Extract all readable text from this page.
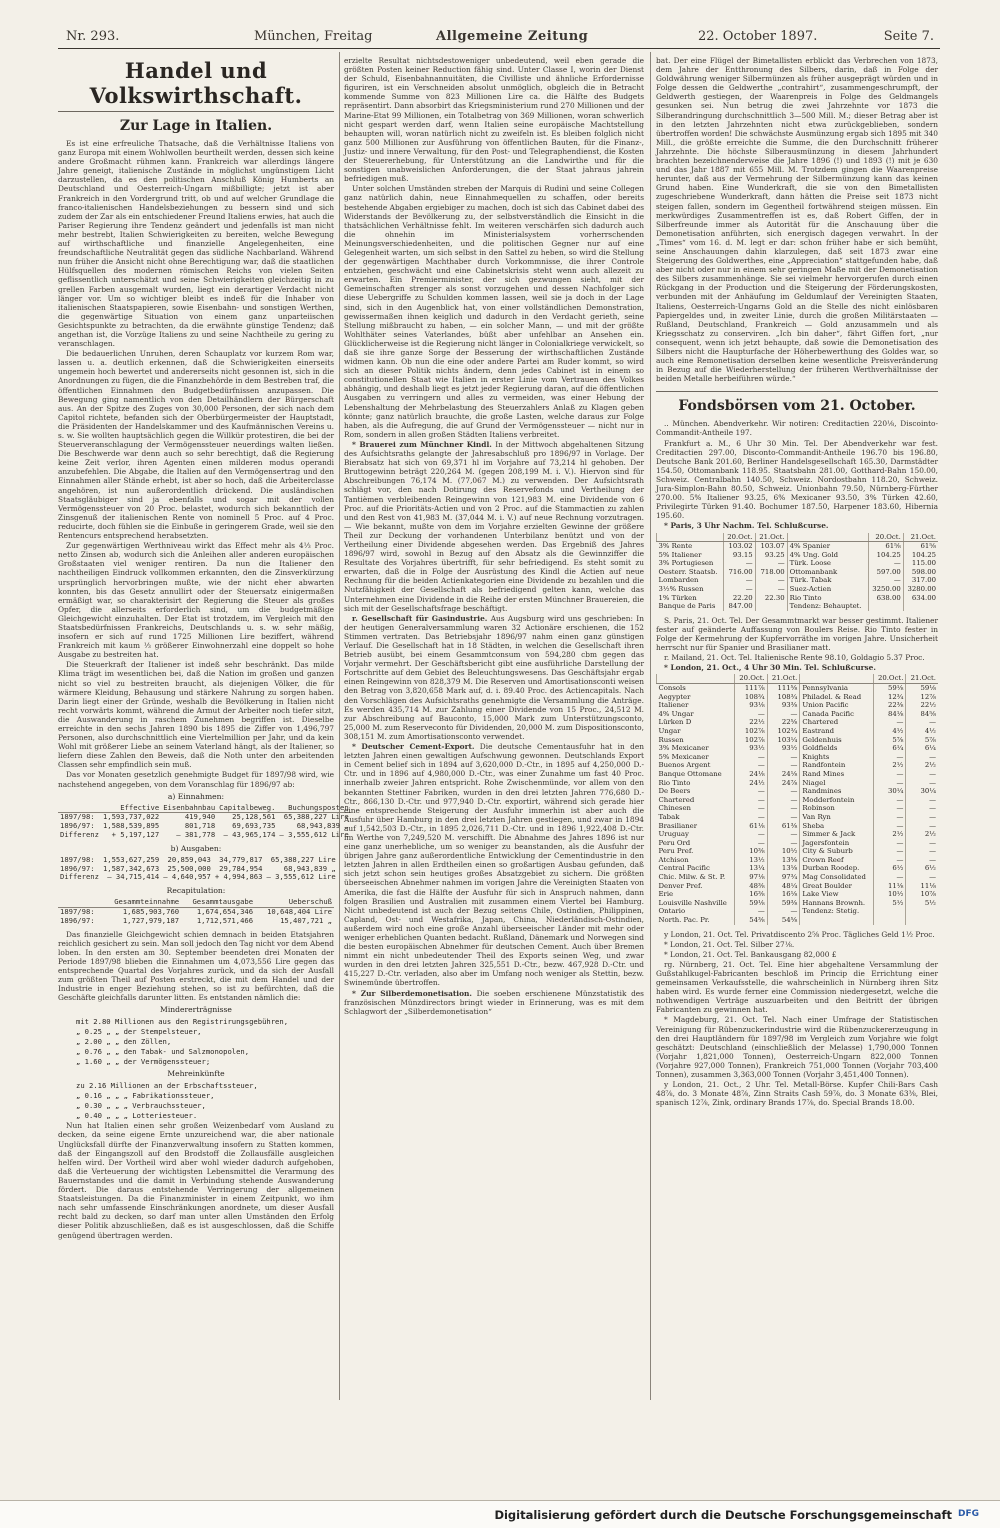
Nr. 293.	München, Freitag	Allgemeine Zeitung	22. October 1897.	Seite 7.
Handel und Volkswirthschaft.
Zur Lage in Italien.

Es ist eine erfreuliche Thatsache, daß die Verhältnisse Italiens von ganz Europa mit einem Wohlwollen beurtheilt werden, dessen sich keine andere Großmacht rühmen kann. Frankreich war allerdings längere Jahre geneigt, italienische Zustände in möglichst ungünstigem Licht darzustellen, da es den politischen Anschluß König Humberts an Deutschland und Oesterreich-Ungarn mißbilligte; jetzt ist aber Frankreich in den Vordergrund tritt, ob und auf welcher Grundlage die franco-italienischen Handelsbeziehungen zu bessern sind und sich zudem der Zar als ein entschiedener Freund Italiens erwies, hat auch die Pariser Regierung ihre Tendenz geändert und jedenfalls ist man nicht mehr bestrebt, Italien Schwierigkeiten zu bereiten, welche Bewegung auf wirthschaftliche und finanzielle Angelegenheiten, eine freundschaftliche Neutralität gegen das südliche Nachbarland. Während nun früher die Ansicht nicht ohne Berechtigung war, daß die staatlichen Hülfsquellen des modernen römischen Reichs von vielen Seiten geflissentlich unterschätzt und seine Schwierigkeiten gleichzeitig in zu grellen Farben ausgemalt wurden, liegt ein derartiger Verdacht nicht länger vor. Um so wichtiger bleibt es indeß für die Inhaber von italienischen Staatspapieren, sowie Eisenbahn- und sonstigen Werthen, die gegenwärtige Situation von einem ganz unparteiischen Gesichtspunkte zu betrachten, da die erwähnte günstige Tendenz; daß angethan ist, die Vorzüge Italiens zu und seine Nachtheile zu gering zu veranschlagen.

Die bedauerlichen Unruhen, deren Schauplatz vor kurzem Rom war, lassen u. a. deutlich erkennen, daß die Schwierigkeiten einerseits ungemein hoch bewertet und andererseits nicht gesonnen ist, sich in die Anordnungen zu fügen, die die Finanzbehörde in dem Bestreben traf, die öffentlichen Einnahmen den Budgetbedürfnissen anzupassen. Die Bewegung ging namentlich von den Detailhändlern der Bürgerschaft aus. An der Spitze des Zuges von 30,000 Personen, der sich nach dem Capitol richtete, befanden sich der Oberbürgermeister der Hauptstadt, die Präsidenten der Handelskammer und des Kaufmännischen Vereins u. s. w. Sie wollten hauptsächlich gegen die Willkür protestiren, die bei der Steuerveranschlagung der Vermögenssteuer neuerdings walten ließen. Die Beschwerde war denn auch so sehr berechtigt, daß die Regierung keine Zeit verlor, ihren Agenten einen milderen modus operandi anzubefehlen. Die Abgabe, die Italien auf den Vermögensertrag und den Einnahmen aller Stände erhebt, ist aber so hoch, daß die Arbeiterclasse angehören, ist nun außerordentlich drückend. Die ausländischen Staatsgläubiger sind ja ebenfalls und sogar mit der vollen Vermögenssteuer von 20 Proc. belastet, wodurch sich bekanntlich der Zinsgenuß der italienischen Rente von nominell 5 Proc. auf 4 Proc. reducirte, doch fühlen sie die Einbuße in geringerem Grade, weil sie den Rentencurs entsprechend herabsetzten.

Zur gegenwärtigen Werthniveau wirkt das Effect mehr als 4⅓ Proc. netto Zinsen ab, wodurch sich die Anleihen aller anderen europäischen Großstaaten viel weniger rentiren. Da nun die Italiener den nachtheiligen Eindruck vollkommen erkannten, den die Zinsverkürzung ursprünglich hervorbringen mußte, wie der nicht eher abwarten konnten, bis das Gesetz annullirt oder der Steuersatz einigermaßen ermäßigt war, so charakterisirt der Regierung die Steuer als großes Opfer, die allerseits erforderlich sind, um die budgetmäßige Gleichgewicht einzuhalten. Der Etat ist trotzdem, im Vergleich mit den Staatsbedürfnissen Frankreichs, Deutschlands u. s. w. sehr mäßig, insofern er sich auf rund 1725 Millionen Lire beziffert, während Frankreich mit kaum ⅓ größerer Einwohnerzahl eine doppelt so hohe Ausgabe zu bestreiten hat.

Die Steuerkraft der Italiener ist indeß sehr beschränkt. Das milde Klima trägt im wesentlichen bei, daß die Nation im großen und ganzen nicht so viel zu bestreiten braucht, als diejenigen Völker, die für wärmere Kleidung, Behausung und stärkere Nahrung zu sorgen haben. Darin liegt einer der Gründe, weshalb die Bevölkerung in Italien nicht recht vorwärts kommt, während die Armut der Arbeiter noch tiefer sitzt, die Auswanderung in raschem Zunehmen begriffen ist. Dieselbe erreichte in den sechs Jahren 1890 bis 1895 die Ziffer von 1,496,797 Personen, also durchschnittlich eine Viertelmillion per Jahr, und da kein Wohl mit größerer Liebe an seinem Vaterland hängt, als der Italiener, so liefern diese Zahlen den Beweis, daß die Noth unter den arbeitenden Classen sehr empfindlich sein muß.

Das vor Monaten gesetzlich genehmigte Budget für 1897/98 wird, wie nachstehend angegeben, von dem Voranschlag für 1896/97 ab:

a) Einnahmen:
	Effective	Eisenbahnbau	Capitalbeweg.	Buchungsposten
1897/98:	1,593,737,022	419,940	25,128,561	65,388,227 Lire
1896/97:	1,588,539,895	801,718	69,693,735	68,943,839 „
Differenz	+ 5,197,127	— 381,778	— 43,965,174	— 3,555,612 Lire
b) Ausgaben:
1897/98:	1,553,627,259	20,859,043	34,779,817	65,388,227 Lire
1896/97:	1,587,342,673	25,500,000	29,784,954	68,943,839 „
Differenz	— 34,715,414	— 4,640,957	+ 4,994,863	— 3,555,612 Lire
Recapitulation:
	Gesammteinnahme	Gesammtausgabe	Ueberschuß
1897/98:	1,685,903,760	1,674,654,346	10,648,404 Lire
1896/97:	1,727,979,187	1,712,571,466	15,407,721 „

Das finanzielle Gleichgewicht schien demnach in beiden Etatsjahren reichlich gesichert zu sein. Man soll jedoch den Tag nicht vor dem Abend loben. In den ersten am 30. September beendeten drei Monaten der Periode 1897/98 blieben die Einnahmen um 4,073,556 Lire gegen das entsprechende Quartal des Vorjahres zurück, und da sich der Ausfall zum größten Theil auf Posten erstreckt, die mit dem Handel und der Industrie in enger Beziehung stehen, so ist zu befürchten, daß die Geschäfte gleichfalls darunter litten. Es entstanden nämlich die:

Mindererträgnisse
mit 2.80 Millionen aus den Registrirungsgebühren,
„ 0.25 „ „ der Stempelsteuer,
„ 2.00 „ „ den Zöllen,
„ 0.76 „ „ den Tabak- und Salzmonopolen,
„ 1.60 „ „ der Vermögenssteuer;
Mehreinkünfte
zu 2.16 Millionen an der Erbschaftssteuer,
„ 0.16 „ „ „ Fabrikationssteuer,
„ 0.30 „ „ „ Verbrauchssteuer,
„ 0.40 „ „ „ Lotteriesteuer.

Nun hat Italien einen sehr großen Weizenbedarf vom Ausland zu decken, da seine eigene Ernte unzureichend war, die aber nationale Unglücksfall dürfte der Finanzverwaltung insofern zu Statten kommen, daß der Eingangszoll auf den Brodstoff die Zollausfälle ausgleichen helfen wird. Der Vortheil wird aber wohl wieder dadurch aufgehoben, daß die Verteuerung der wichtigsten Lebensmittel die Verarmung des Bauernstandes und die damit in Verbindung stehende Auswanderung fördert. Die daraus entstehende Verringerung der allgemeinen Staatsleistungen. Da die Finanzminister in einem Zeitpunkt, wo ihm nach sehr umfassende Einschränkungen anordnete, um dieser Ausfall recht bald zu decken, so darf man unter allen Umständen den Erfolg dieser Politik abzuschließen, daß es ist ausgeschlossen, daß die Schiffe genügend übertragen werden.

erzielte Resultat nichtsdestoweniger unbedeutend, weil eben gerade die größten Posten keiner Reduction fähig sind. Unter Classe I, worin der Dienst der Schuld, Eisenbahnannuitäten, die Civilliste und ähnliche Erfordernisse figuriren, ist ein Verschneiden absolut unmöglich, obgleich die in Betracht kommende Summe von 823 Millionen Lire ca. die Hälfte des Budgets repräsentirt. Dann absorbirt das Kriegsministerium rund 270 Millionen und der Marine-Etat 99 Millionen, ein Totalbetrag von 369 Millionen, woran schwerlich nicht gespart werden darf, wenn Italien seine europäische Machtstellung behaupten will, woran natürlich nicht zu zweifeln ist. Es bleiben folglich nicht ganz 500 Millionen zur Ausführung von öffentlichen Bauten, für die Finanz-, Justiz- und innere Verwaltung, für den Post- und Telegraphendienst, die Kosten der Steuererhebung, für Unterstützung an die Landwirthe und für die sonstigen unabweislichen Anforderungen, die der Staat jahraus jahrein befriedigen muß.

Unter solchen Umständen streben der Marquis di Rudinì und seine Collegen ganz natürlich dahin, neue Einnahmequellen zu schaffen, oder bereits bestehende Abgaben ergiebiger zu machen, doch ist sich das Cabinet dabei des Widerstands der Bevölkerung zu, der selbstverständlich die Einsicht in die thatsächlichen Verhältnisse fehlt. Im weiteren verschärfen sich dadurch auch die ohnehin im Ministerialsystem vorherrschenden Meinungsverschiedenheiten, und die politischen Gegner nur auf eine Gelegenheit warten, um sich selbst in den Sattel zu heben, so wird die Stellung der gegenwärtigen Machthaber durch Vorkommnisse, die ihrer Controle entziehen, geschwächt und eine Cabinetskrisis steht wenn auch allezeit zu erwarten. Ein Premierminister, der sich gezwungen sieht, mit der Gemeinschaften strenger als sonst vorzugehen und dessen Nachfolger sich diese Uebergriffe zu Schulden kommen lassen, weil sie ja doch in der Lage sind, sich in den Augenblick hat, von einer vollständlichen Demonstration, gewissermaßen ihnen keiglich und dadurch in den Verdacht gerieth, seine Stellung mißbraucht zu haben, — ein solcher Mann, — und mit der größte Wohlthäter seines Vaterlandes, büßt aber unfehlbar an Ansehen ein. Glücklicherweise ist die Regierung nicht länger in Colonialkriege verwickelt, so daß sie ihre ganze Sorge der Besserung der wirthschaftlichen Zustände widmen kann. Ob nun die eine oder andere Partei am Ruder kommt, so wird sich an dieser Politik nichts ändern, denn jedes Cabinet ist in einem so constitutionellen Staat wie Italien in erster Linie vom Vertrauen des Volkes abhängig, und deshalb liegt es jetzt jeder Regierung daran, auf die öffentlichen Ausgaben zu verringern und alles zu vermeiden, was einer Hebung der Lebenshaltung der Mehrbelastung des Steuerzahlers Anlaß zu Klagen geben könnte; ganz natürlich brauchte, die große Lasten, welche daraus zur Folge haben, als die Aufregung, die auf Grund der Vermögenssteuer — nicht nur in Rom, sondern in allen großen Städten Italiens verbreitet.

* Brauerei zum Münchner Kindl. In der Mittwoch abgehaltenen Sitzung des Aufsichtsraths gelangte der Jahresabschluß pro 1896/97 in Vorlage. Der Bierabsatz hat sich von 69,371 hl im Vorjahre auf 73,214 hl gehoben. Der Bruttogewinn beträgt 220,264 M. (gegen 208,199 M. i. V.). Hiervon sind für Abschreibungen 76,174 M. (77,067 M.) zu verwenden. Der Aufsichtsrath schlägt vor, den nach Dotirung des Reservefonds und Vertheilung der Tantièmen verbleibenden Reingewinn von 121,983 M. eine Dividende von 6 Proc. auf die Prioritäts-Actien und von 2 Proc. auf die Stammactien zu zahlen und den Rest von 41,983 M. (37,044 M. i. V.) auf neue Rechnung vorzutragen. — Wie bekannt, mußte von dem im Vorjahre erzielten Gewinne der größere Theil zur Deckung der vorhandenen Unterbilanz benützt und von der Vertheilung einer Dividende abgesehen werden. Das Ergebniß des Jahres 1896/97 wird, sowohl in Bezug auf den Absatz als die Gewinnziffer die Resultate des Vorjahres übertrifft, für sehr befriedigend. Es steht somit zu erwarten, daß die in Folge der Ausrüstung des Kindl die Actien auf neue Rechnung für die beiden Actienkategorien eine Dividende zu bezahlen und die Nutzfähigkeit der Gesellschaft als befriedigend gelten kann, welche das Unternehmen eine Dividende in die Reihe der ersten Münchner Brauereien, die sich mit der Gesellschaftsfrage beschäftigt.

r. Gesellschaft für Gasindustrie. Aus Augsburg wird uns geschrieben: In der heutigen Generalversammlung waren 32 Actionäre erschienen, die 152 Stimmen vertraten. Das Betriebsjahr 1896/97 nahm einen ganz günstigen Verlauf. Die Gesellschaft hat in 18 Städten, in welchen die Gesellschaft ihren Betrieb ausübt, bei einem Gesammtconsum von 594,280 cbm gegen das Vorjahr vermehrt. Der Geschäftsbericht gibt eine ausführliche Darstellung der Fortschritte auf dem Gebiet des Beleuchtungswesens. Das Geschäftsjahr ergab einen Reingewinn von 828,379 M. Die Reserven und Amortisationsconti weisen den Betrag von 3,820,658 Mark auf, d. i. 89.40 Proc. des Actiencapitals. Nach den Vorschlägen des Aufsichtsraths genehmigte die Versammlung die Anträge. Es werden 435,714 M. zur Zahlung einer Dividende von 15 Proc., 24,512 M. zur Abschreibung auf Bauconto, 15,000 Mark zum Unterstützungsconto, 25,000 M. zum Reserveconto für Dividenden, 20,000 M. zum Dispositionsconto, 308,151 M. zum Amortisationsconto verwendet.

* Deutscher Cement-Export. Die deutsche Cementausfuhr hat in den letzten Jahren einen gewaltigen Aufschwung gewonnen. Deutschlands Export in Cement belief sich in 1894 auf 3,620,000 D.-Ctr., in 1895 auf 4,250,000 D.-Ctr. und in 1896 auf 4,980,000 D.-Ctr., was einer Zunahme um fast 40 Proc. innerhalb zweier Jahren entspricht. Rohe Zwischenmünde, vor allem von den bekannten Stettiner Fabriken, wurden in den drei letzten Jahren 776,680 D.-Ctr., 866,130 D.-Ctr. und 977,940 D.-Ctr. exportirt, während sich gerade hier eine entsprechende Steigerung der Ausfuhr immerhin ist aber auch die Ausfuhr über Hamburg in den drei letzten Jahren gestiegen, und zwar in 1894 auf 1,542,503 D.-Ctr., in 1895 2,026,711 D.-Ctr. und in 1896 1,922,408 D.-Ctr. im Werthe von 7,249,520 M. verschifft. Die Abnahme des Jahres 1896 ist nur eine ganz unerhebliche, um so weniger zu beanstanden, als die Ausfuhr der übrigen Jahre ganz außerordentliche Entwicklung der Cementindustrie in den letzten Jahren in allen Erdtheilen einen so großartigen Ausbau gefunden, daß sich jetzt schon sein heutiges großes Absatzgebiet zu sichern. Die größten überseeischen Abnehmer nahmen im vorigen Jahre die Vereinigten Staaten von Amerika, die fast die Hälfte der Ausfuhr für sich in Anspruch nahmen, dann folgen Brasilien und Australien mit zusammen einem Viertel bei Hamburg. Nicht unbedeutend ist auch der Bezug seitens Chile, Ostindien, Philippinen, Capland, Ost- und Westafrika, Japan, China, Niederländisch-Ostindien, außerdem wird noch eine große Anzahl überseeischer Länder mit mehr oder weniger erheblichen Quanten bedacht. Rußland, Dänemark und Norwegen sind die besten europäischen Abnehmer für deutschen Cement. Auch über Bremen nimmt ein nicht unbedeutender Theil des Exports seinen Weg, und zwar wurden in den drei letzten Jahren 325,551 D.-Ctr., bezw. 467,928 D.-Ctr. und 415,227 D.-Ctr. verladen, also aber im Umfang noch weniger als Stettin, bezw. Swinemünde übertroffen.

* Zur Silberdemonetisation. Die soeben erschienene Münzstatistik des französischen Münzdirectors bringt wieder in Erinnerung, was es mit dem Schlagwort der „Silberdemonetisation“

bat. Der eine Flügel der Bimetallisten erblickt das Verbrechen von 1873, dem Jahre der Entthronung des Silbers, darin, daß in Folge der Goldwährung weniger Silbermünzen als früher ausgeprägt würden und in Folge dessen die Geldwerthe „contrahirt“, zusammengeschrumpft, der Geldwerth gestiegen, der Waarenpreis in Folge des Geldmangels gesunken sei. Nun betrug die zwei Jahrzehnte vor 1873 die Silberandringung durchschnittlich 3—500 Mill. M.; dieser Betrag aber ist in den letzten Jahrzehnten nicht etwa zurückgeblieben, sondern übertroffen worden! Die schwächste Ausmünzung ergab sich 1895 mit 340 Mill., die größte erreichte die Summe, die den Durchschnitt früherer Jahrzehnte. Die höchste Silberausmünzung in diesem Jahrhundert brachten bezeichnenderweise die Jahre 1896 (!) und 1893 (!) mit je 630 und das Jahr 1887 mit 655 Mill. M. Trotzdem gingen die Waarenpreise herunter, daß aus der Vermehrung der Silbermünzung kann das keinen Grund haben. Eine Wunderkraft, die sie von den Bimetallisten zugeschriebene Wunderkraft, dann hätten die Preise seit 1873 nicht steigen fallen, sondern im Gegentheil fortwährend steigen müssen. Ein merkwürdiges Zusammentreffen ist es, daß Robert Giffen, der in Silberfreunde immer als Autorität für die Anschauung über die Demonetisation anführten, sich energisch dagegen verwahrt. In der „Times“ vom 16. d. M. legt er dar: schon früher habe er sich bemüht, seine Anschauungen dahin klarzulegen, daß seit 1873 zwar eine Steigerung des Goldwerthes, eine „Appreciation“ stattgefunden habe, daß aber nicht oder nur in einem sehr geringen Maße mit der Demonetisation des Silbers zusammenhänge. Sie sei vielmehr hervorgerufen durch einen Rückgang in der Production und die Steigerung der Förderungskosten, verbunden mit der Anhäufung im Geldumlauf der Vereinigten Staaten, Italiens, Oesterreich-Ungarns Gold an die Stelle des nicht einlösbaren Papiergeldes und, in zweiter Linie, durch die großen Militärstaaten — Rußland, Deutschland, Frankreich — Gold anzusammeln und als Kriegsschatz zu conserviren. „Ich bin daher“, fährt Giffen fort, „nur consequent, wenn ich jetzt behaupte, daß sowie die Demonetisation des Silbers nicht die Haupturfache der Höherbewerthung des Goldes war, so auch eine Remonetisation derselben keine wesentliche Preisveränderung in Bezug auf die Wiederherstellung der früheren Werthverhältnisse der beiden Metalle herbeiführen würde.“

Fondsbörsen vom 21. October.

.. München. Abendverkehr. Wir notiren: Creditactien 220⅛, Discointo-Commandit-Antheile 197.

Frankfurt a. M., 6 Uhr 30 Min. Tel. Der Abendverkehr war fest. Creditactien 297.00, Disconto-Commandit-Antheile 196.70 bis 196.80, Deutsche Bank 201.60, Berliner Handelsgesellschaft 165.30, Darmstädter 154.50, Ottomanbank 118.95. Staatsbahn 281.00, Gotthard-Bahn 150.00, Schweiz. Centralbahn 140.50, Schweiz. Nordostbahn 118.20, Schweiz. Jura-Simplon-Bahn 80.50, Schweiz. Unionbahn 79.50, Nürnberg-Fürther 270.00. 5% Italiener 93.25, 6% Mexicaner 93.50, 3% Türken 42.60, Privilegirte Türken 91.40. Bochumer 187.50, Harpener 183.60, Hibernia 195.60.

* Paris, 3 Uhr Nachm. Tel. Schlußcurse.

	20.Oct.	21.Oct.		20.Oct.	21.Oct.
3% Rente	103.02	103.07	4% Spanier	61⅝	61⅝
5% Italiener	93.15	93.25	4% Ung. Gold	104.25	104.25
3% Portugiesen	—	—	Türk. Loose	—	115.00
Oesterr. Staatsb.	716.00	718.00	Ottomanbank	597.00	598.00
Lombarden	—	—	Türk. Tabak	—	317.00
3½% Russen	—	—	Suez-Actien	3250.00	3280.00
1% Türken	22.20	22.30	Rio Tinto	638.00	634.00
Banque de Paris	847.00		Tendenz: Behauptet.		

S. Paris, 21. Oct. Tel. Der Gesammtmarkt war besser gestimmt. Italiener fester auf geänderte Auffassung von Boulers Reise. Rio Tinto fester in Folge der Kermehrung der Kupfervorräthe im vorigen Jahre. Unsicherheit herrscht nur für Spanier und Brasilianer matt.

r. Mailand, 21. Oct. Tel. Italienische Rente 98.10, Goldagio 5.37 Proc.

* London, 21. Oct., 4 Uhr 30 Min. Tel. Schlußcurse.

	20.Oct.	21.Oct.		20.Oct.	21.Oct.
Consols	111⅞	111⅝	Pennsylvania	59⅛	59⅛
Aegypter	108¾	108¾	Philadel. & Read	12¾	12⅞
Italiener	93⅛	93⅜	Union Pacific	22⅜	22½
4% Ungar	—	—	Canada Pacific	84⅛	84⅝
Lürken D	22½	22⅝	Chartered	—	—
Ungar	102⅞	102¾	Eastrand	4½	4½
Russen	102⅞	103¼	Geldenhuis	5⅞	5⅞
3% Mexicaner	93½	93½	Goldfields	6¼	6¼
5% Mexicaner	—	—	Knights	—	—
Buenos Argent	—	—	Randfontein	2½	2½
Banque Ottomane	24⅛	24⅛	Rand Mines	—	—
Rio Tinto	24½	24⅞	Niagel	—	—
De Beers	—	—	Randmines	30¼	30¼
Chartered	—	—	Modderfontein	—	—
Chinesen	—	—	Robinson	—	—
Tabak	—	—	Van Ryn	—	—
Brasilianer	61⅛	61⅜	Sheba	—	—
Uruguay	—	—	Simmer & Jack	2½	2½
Peru Ord	—	—	Jagersfontein	—	—
Peru Pref.	10⅜	10½	City & Suburb	—	—
Atchison	13½	13⅝	Crown Reef	—	—
Central Pacific	13¼	13⅛	Durban Roodep.	6½	6½
Chic. Milw. & St. P.	97⅛	97¾	Mag Consolidated	—	—
Denver Pref.	48⅜	48¼	Great Boulder	11⅛	11⅛
Erie	16⅜	16⅛	Lake View	10½	10⅞
Louisville Nashville	59⅛	59⅜	Hannans Brownh.	5½	5½
Ontario	—	—	Tendenz: Stetig.		
North. Pac. Pr.	54⅜	54⅝			

y London, 21. Oct. Tel. Privatdiscento 2⅝ Proc. Tägliches Geld 1½ Proc.

* London, 21. Oct. Tel. Silber 27⅛.

* London, 21. Oct. Tel. Bankausgang 82,000 £

rg. Nürnberg, 21. Oct. Tel. Eine hier abgehaltene Versammlung der Gußstahlkugel-Fabricanten beschloß im Princip die Errichtung einer gemeinsamen Verkaufsstelle, die wahrscheinlich in Nürnberg ihren Sitz haben wird. Es wurde ferner eine Commission niedergesetzt, welche die nothwendigen Verträge auszuarbeiten und den Beitritt der übrigen Fabricanten zu gewinnen hat.

* Magdeburg, 21. Oct. Tel. Nach einer Umfrage der Statistischen Vereinigung für Rübenzuckerindustrie wird die Rübenzuckererzeugung in den drei Hauptländern für 1897/98 im Vergleich zum Vorjahre wie folgt geschätzt: Deutschland (einschließlich der Melasse) 1,790,000 Tonnen (Vorjahr 1,821,000 Tonnen), Oesterreich-Ungarn 822,000 Tonnen (Vorjahre 927,000 Tonnen), Frankreich 751,000 Tonnen (Vorjahr 703,400 Tonnen), zusammen 3,363,000 Tonnen (Vorjahr 3,451,400 Tonnen).

y London, 21. Oct., 2 Uhr. Tel. Metall-Börse. Kupfer Chili-Bars Cash 48⅞, do. 3 Monate 48⅞, Zinn Straits Cash 59⅞, do. 3 Monate 63⅜, Blei, spanisch 12⅞, Zink, ordinary Brands 17⅞, do. Special Brands 18.00.

Digitalisierung gefördert durch die Deutsche Forschungsgemeinschaft DFG
